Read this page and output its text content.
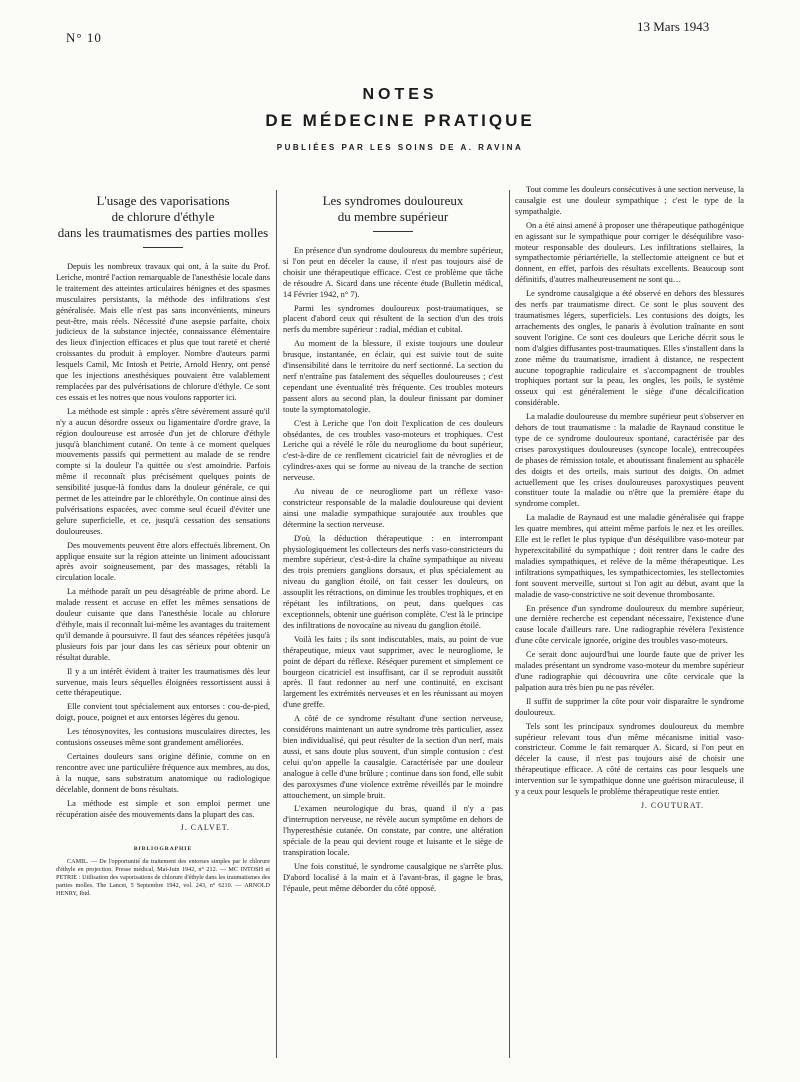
N° 10
13 Mars 1943
NOTES
DE MÉDECINE PRATIQUE
PUBLIÉES PAR LES SOINS DE A. RAVINA
L'usage des vaporisations
de chlorure d'éthyle
dans les traumatismes des parties molles

Depuis les nombreux travaux qui ont, à la suite du Prof. Leriche, montré l'action remarquable de l'anesthésie locale dans le traitement des atteintes articulaires bénignes et des spasmes musculaires persistants, la méthode des infiltrations s'est généralisée. Mais elle n'est pas sans inconvénients, mineurs peut-être, mais réels. Nécessité d'une asepsie parfaite, choix judicieux de la substance injectée, connaissance élémentaire des lieux d'injection efficaces et plus que tout rareté et cherté croissantes du produit à employer. Nombre d'auteurs parmi lesquels Camil, Mc Intosh et Petrie, Arnold Henry, ont pensé que les injections anesthésiques pouvaient être valablement remplacées par des pulvérisations de chlorure d'éthyle. Ce sont ces essais et les notres que nous voulons rapporter ici.

La méthode est simple : après s'être sévèrement assuré qu'il n'y a aucun désordre osseux ou ligamentaire d'ordre grave, la région douloureuse est arrosée d'un jet de chlorure d'éthyle jusqu'à blanchiment cutané. On tente à ce moment quelques mouvements passifs qui permettent au malade de se rendre compte si la douleur l'a quittée ou s'est amoindrie. Parfois même il reconnaît plus précisément quelques points de sensibilité jusque-là fondus dans la douleur générale, ce qui permet de les atteindre par le chloréthyle. On continue ainsi des pulvérisations espacées, avec comme seul écueil d'éviter une gelure superficielle, et ce, jusqu'à cessation des sensations douloureuses.

Des mouvements peuvent être alors effectués librement. On applique ensuite sur la région atteinte un liniment adoucissant après avoir soigneusement, par des massages, rétabli la circulation locale.

La méthode paraît un peu désagréable de prime abord. Le malade ressent et accuse en effet les mêmes sensations de douleur cuisante que dans l'anesthésie locale au chlorure d'éthyle, mais il reconnaît lui-même les avantages du traitement qu'il demande à poursuivre. Il faut des séances répétées jusqu'à plusieurs fois par jour dans les cas sérieux pour obtenir un résultat durable.

Il y a un intérêt évident à traiter les traumatismes dès leur survenue, mais leurs séquelles éloignées ressortissent aussi à cette thérapeutique.

Elle convient tout spécialement aux entorses : cou-de-pied, doigt, pouce, poignet et aux entorses légères du genou.

Les ténosynovites, les contusions musculaires directes, les contusions osseuses même sont grandement améliorées.

Certaines douleurs sans origine définie, comme on en rencontre avec une particulière fréquence aux membres, au dos, à la nuque, sans substratum anatomique ou radiologique décelable, donnent de bons résultats.

La méthode est simple et son emploi permet une récupération aisée des mouvements dans la plupart des cas.

J. CALVET.
BIBLIOGRAPHIE

CAMIL. — De l'opportunité du traitement des entorses simples par le chlorure d'éthyle en projection. Presse médical, Mai-Juin 1942, n° 212. — MC INTOSH et PETRIE : Utilisation des vaporisations de chlorure d'éthyle dans les traumatismes des parties molles. The Lancet, 5 Septembre 1942, vol. 243, n° 6210. — ARNOLD HENRY, Ibid.

Les syndromes douloureux
du membre supérieur

En présence d'un syndrome douloureux du membre supérieur, si l'on peut en déceler la cause, il n'est pas toujours aisé de choisir une thérapeutique efficace. C'est ce problème que tâche de résoudre A. Sicard dans une récente étude (Bulletin médical, 14 Février 1942, n° 7).

Parmi les syndromes douloureux post-traumatiques, se placent d'abord ceux qui résultent de la section d'un des trois nerfs du membre supérieur : radial, médian et cubital.

Au moment de la blessure, il existe toujours une douleur brusque, instantanée, en éclair, qui est suivie tout de suite d'insensibilité dans le territoire du nerf sectionné. La section du nerf n'entraîne pas fatalement des séquelles douloureuses ; c'est cependant une éventualité très fréquente. Ces troubles moteurs passent alors au second plan, la douleur finissant par dominer toute la symptomatologie.

C'est à Leriche que l'on doit l'explication de ces douleurs obsédantes, de ces troubles vaso-moteurs et trophiques. C'est Leriche qui a révélé le rôle du neurogliome du bout supérieur, c'est-à-dire de ce renflement cicatriciel fait de névroglies et de cylindres-axes qui se forme au niveau de la tranche de section nerveuse.

Au niveau de ce neurogliome part un réflexe vaso-constricteur responsable de la maladie douloureuse qui devient ainsi une maladie sympathique surajoutée aux troubles que détermine la section nerveuse.

D'où la déduction thérapeutique : en interrompant physiologiquement les collecteurs des nerfs vaso-constricteurs du membre supérieur, c'est-à-dire la chaîne sympathique au niveau des trois premiers ganglions dorsaux, et plus spécialement au niveau du ganglion étoilé, on fait cesser les douleurs, on assouplit les rétractions, on diminue les troubles trophiques, et en répétant les infiltrations, on peut, dans quelques cas exceptionnels, obtenir une guérison complète. C'est là le principe des infiltrations de novocaïne au niveau du ganglion étoilé.

Voilà les faits ; ils sont indiscutables, mais, au point de vue thérapeutique, mieux vaut supprimer, avec le neurogliome, le point de départ du réflexe. Réséquer purement et simplement ce bourgeon cicatriciel est insuffisant, car il se reproduit aussitôt après. Il faut redonner au nerf une continuité, en excisant largement les extrémités nerveuses et en les réunissant au moyen d'une greffe.

A côté de ce syndrome résultant d'une section nerveuse, considérons maintenant un autre syndrome très particulier, assez bien individualisé, qui peut résulter de la section d'un nerf, mais aussi, et sans doute plus souvent, d'un simple contusion : c'est celui qu'on appelle la causalgie. Caractérisée par une douleur analogue à celle d'une brûlure ; continue dans son fond, elle subit des paroxysmes d'une violence extrême réveillés par le moindre attouchement, un simple bruit.

L'examen neurologique du bras, quand il n'y a pas d'interruption nerveuse, ne révèle aucun symptôme en dehors de l'hyperesthésie cutanée. On constate, par contre, une altération spéciale de la peau qui devient rouge et luisante et le siège de transpiration locale.

Une fois constitué, le syndrome causalgique ne s'arrête plus. D'abord localisé à la main et à l'avant-bras, il gagne le bras, l'épaule, peut même déborder du côté opposé.

Tout comme les douleurs consécutives à une section nerveuse, la causalgie est une douleur sympathique ; c'est le type de la sympathalgie.

On a été ainsi amené à proposer une thérapeutique pathogénique en agissant sur le sympathique pour corriger le déséquilibre vaso-moteur responsable des douleurs. Les infiltrations stellaires, la sympathectomie périartérielle, la stellectomie atteignent ce but et donnent, en effet, parfois des résultats excellents. Beaucoup sont définitifs, d'autres malheureusement ne sont qu…

Le syndrome causalgique a été observé en dehors des blessures des nerfs par traumatisme direct. Ce sont le plus souvent des traumatismes légers, superficiels. Les contusions des doigts, les arrachements des ongles, le panaris à évolution traînante en sont souvent l'origine. Ce sont ces douleurs que Leriche décrit sous le nom d'algies diffusantes post-traumatiques. Elles s'installent dans la zone même du traumatisme, irradient à distance, ne respectent aucune topographie radiculaire et s'accompagnent de troubles trophiques portant sur la peau, les ongles, les poils, le système osseux qui est généralement le siège d'une décalcification considérable.

La maladie douloureuse du membre supérieur peut s'observer en dehors de tout traumatisme : la maladie de Raynaud constitue le type de ce syndrome douloureux spontané, caractérisée par des crises paroxystiques douloureuses (syncope locale), entrecoupées de phases de rémission totale, et aboutissant finalement au sphacèle des doigts et des orteils, mais surtout des doigts. On admet actuellement que les crises douloureuses paroxystiques peuvent constituer toute la maladie ou n'être que la première étape du syndrome complet.

La maladie de Raynaud est une maladie généralisée qui frappe les quatre membres, qui atteint même parfois le nez et les oreilles. Elle est le reflet le plus typique d'un déséquilibre vaso-moteur par hyperexcitabilité du sympathique ; doit rentrer dans le cadre des maladies sympathiques, et relève de la même thérapeutique. Les infiltrations sympathiques, les sympathicectomies, les stellectomies font souvent merveille, surtout si l'on agit au début, avant que la maladie de vaso-constrictive ne soit devenue thrombosante.

En présence d'un syndrome douloureux du membre supérieur, une dernière recherche est cependant nécessaire, l'existence d'une cause locale d'ailleurs rare. Une radiographie révèlera l'existence d'une côte cervicale ignorée, origine des troubles vaso-moteurs.

Ce serait donc aujourd'hui une lourde faute que de priver les malades présentant un syndrome vaso-moteur du membre supérieur d'une radiographie qui découvrira une côte cervicale que la palpation aura très bien pu ne pas révéler.

Il suffit de supprimer la côte pour voir disparaître le syndrome douloureux.

Tels sont les principaux syndromes douloureux du membre supérieur relevant tous d'un même mécanisme initial vaso-constricteur. Comme le fait remarquer A. Sicard, si l'on peut en déceler la cause, il n'est pas toujours aisé de choisir une thérapeutique efficace. A côté de certains cas pour lesquels une intervention sur le sympathique donne une guérison miraculeuse, il y a ceux pour lesquels le problème thérapeutique reste entier.

J. COUTURAT.
